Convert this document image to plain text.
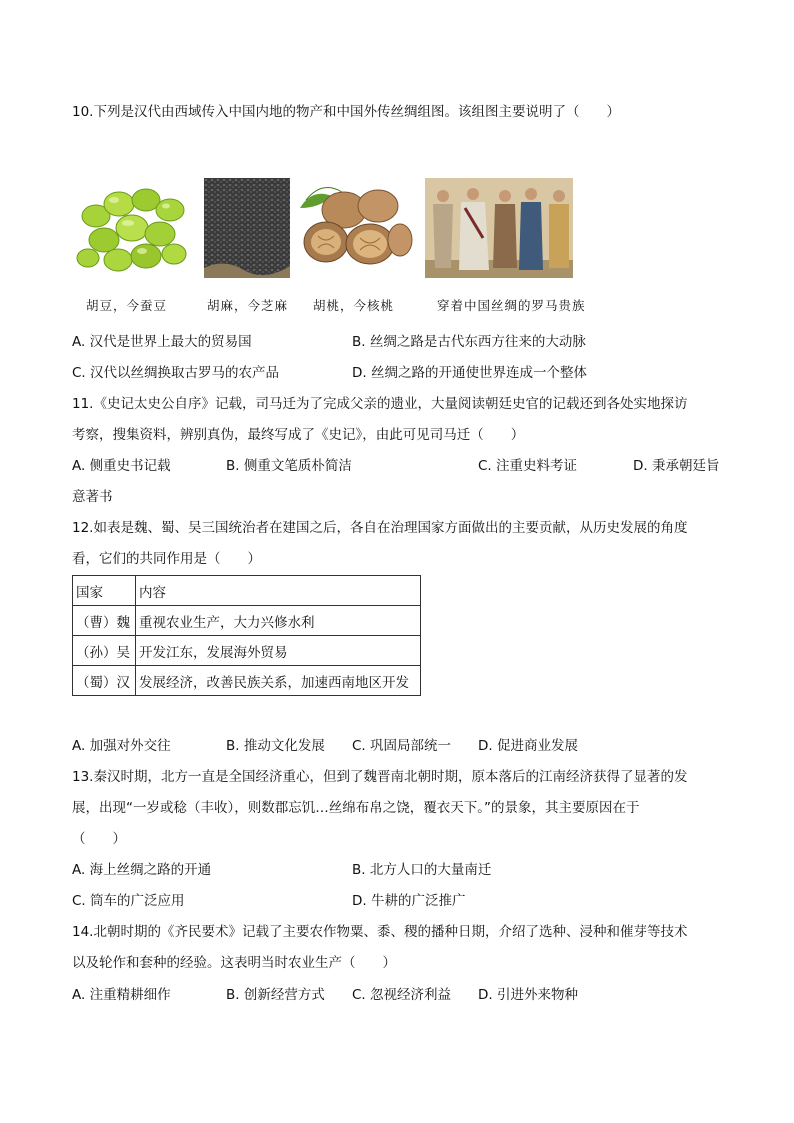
10.下列是汉代由西域传入中国内地的物产和中国外传丝绸组图。该组图主要说明了（　　）
胡豆，今蚕豆	胡麻，今芝麻 胡桃，今核桃	穿着中国丝绸的罗马贵族
A. 汉代是世界上最大的贸易国	B. 丝绸之路是古代东西方往来的大动脉
C. 汉代以丝绸换取古罗马的农产品	D. 丝绸之路的开通使世界连成一个整体
11.《史记太史公自序》记载，司马迁为了完成父亲的遗业，大量阅读朝廷史官的记载还到各处实地探访
考察，搜集资料，辨别真伪，最终写成了《史记》，由此可见司马迁（　　）
A. 侧重史书记载	B. 侧重文笔质朴简洁	C. 注重史料考证	D. 秉承朝廷旨
意著书
12.如表是魏、蜀、吴三国统治者在建国之后，各自在治理国家方面做出的主要贡献，从历史发展的角度
看，它们的共同作用是（　　）
国家	内容
（曹）魏	重视农业生产，大力兴修水利
（孙）吴	开发江东，发展海外贸易
（蜀）汉	发展经济，改善民族关系，加速西南地区开发
A. 加强对外交往	B. 推动文化发展 C. 巩固局部统一 D. 促进商业发展
13.秦汉时期，北方一直是全国经济重心，但到了魏晋南北朝时期，原本落后的江南经济获得了显著的发
展，出现“一岁或稔（丰收），则数郡忘饥…丝绵布帛之饶，覆衣天下。”的景象，其主要原因在于
（　　）
A. 海上丝绸之路的开通	B. 北方人口的大量南迁
C. 筒车的广泛应用	D. 牛耕的广泛推广
14.北朝时期的《齐民要术》记载了主要农作物粟、黍、稷的播种日期，介绍了选种、浸种和催芽等技术
以及轮作和套种的经验。这表明当时农业生产（　　）
A. 注重精耕细作	B. 创新经营方式 C. 忽视经济利益 D. 引进外来物种
